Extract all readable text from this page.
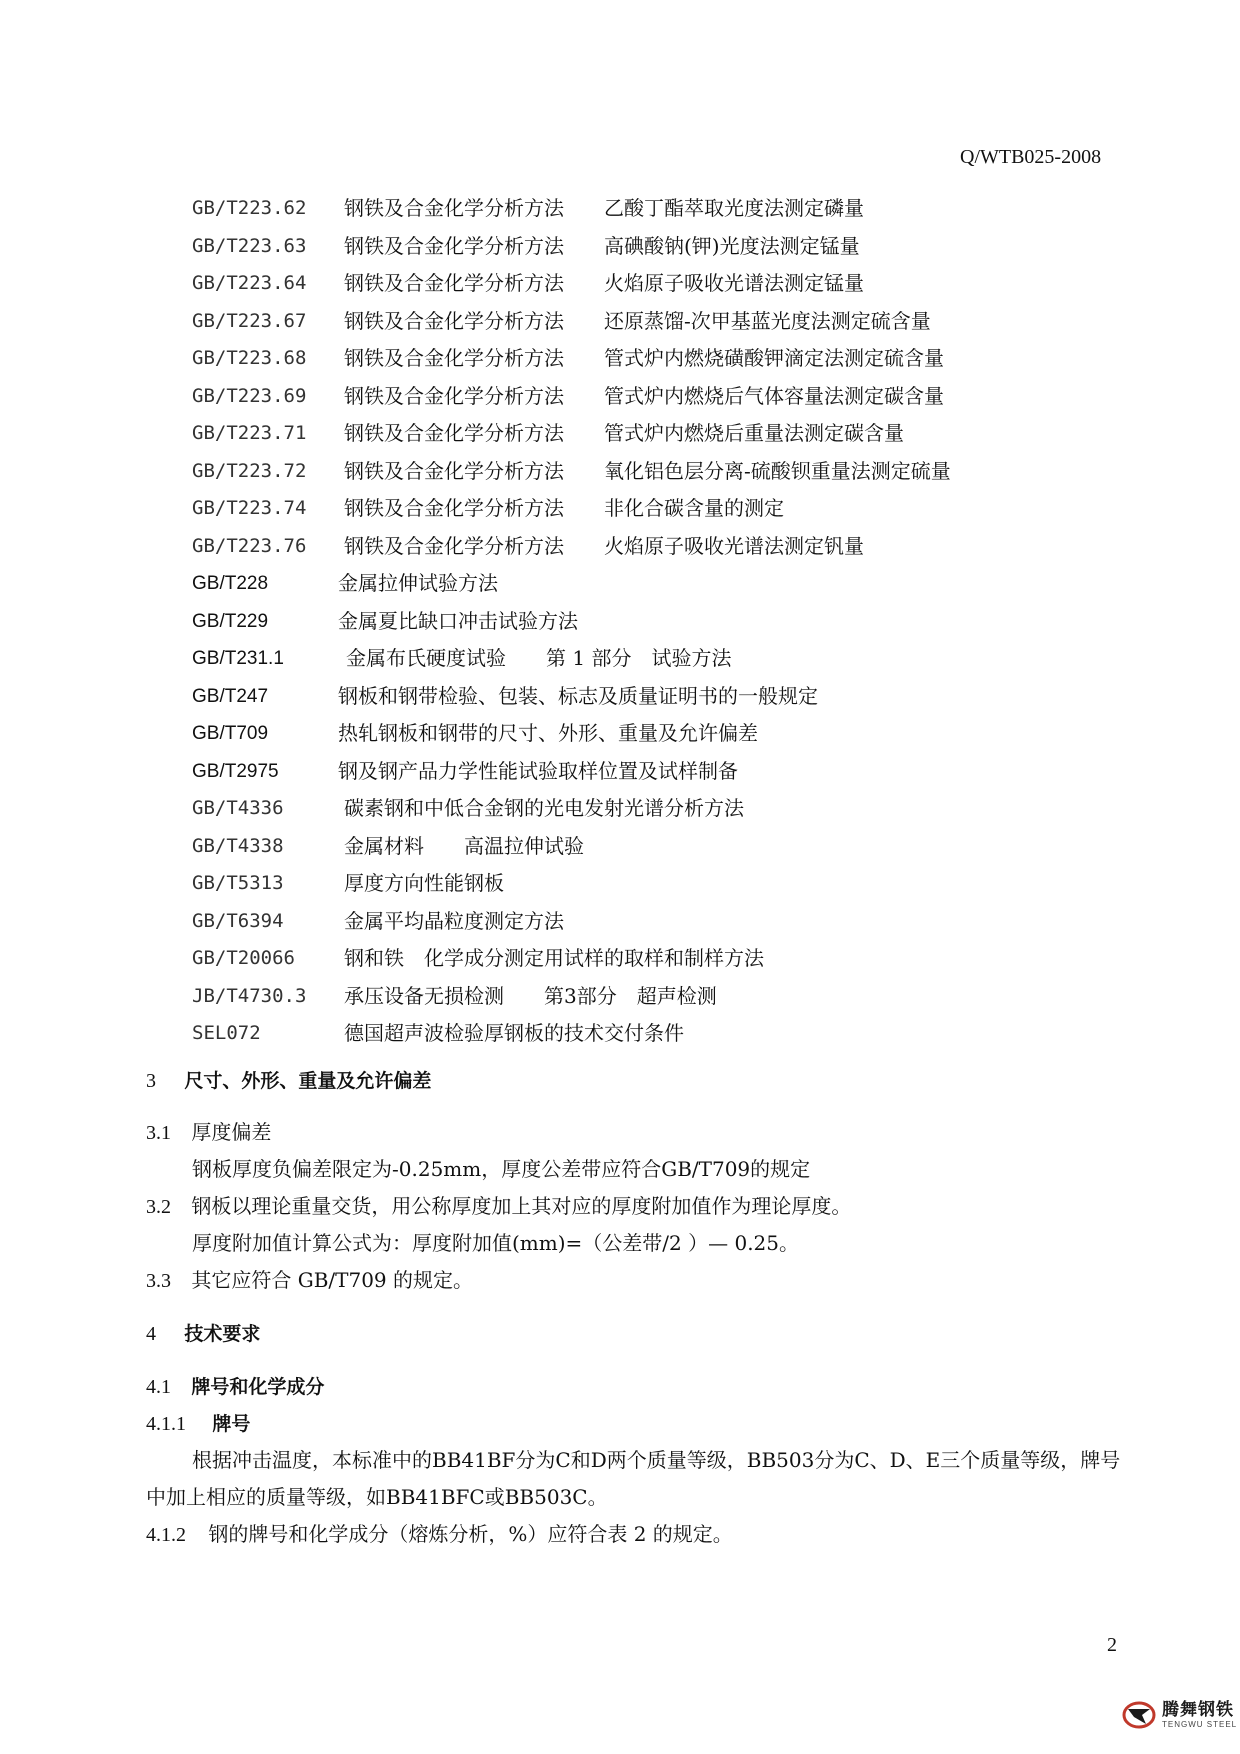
Q/WTB025-2008
GB/T223.62 钢铁及合金化学分析方法 乙酸丁酯萃取光度法测定磷量
GB/T223.63 钢铁及合金化学分析方法 高碘酸钠(钾)光度法测定锰量
GB/T223.64 钢铁及合金化学分析方法 火焰原子吸收光谱法测定锰量
GB/T223.67 钢铁及合金化学分析方法 还原蒸馏-次甲基蓝光度法测定硫含量
GB/T223.68 钢铁及合金化学分析方法 管式炉内燃烧磺酸钾滴定法测定硫含量
GB/T223.69 钢铁及合金化学分析方法 管式炉内燃烧后气体容量法测定碳含量
GB/T223.71 钢铁及合金化学分析方法 管式炉内燃烧后重量法测定碳含量
GB/T223.72 钢铁及合金化学分析方法 氧化铝色层分离-硫酸钡重量法测定硫量
GB/T223.74 钢铁及合金化学分析方法 非化合碳含量的测定
GB/T223.76 钢铁及合金化学分析方法 火焰原子吸收光谱法测定钒量
GB/T228	金属拉伸试验方法
GB/T229	金属夏比缺口冲击试验方法
GB/T231.1	金属布氏硬度试验　　第 1 部分　试验方法
GB/T247	钢板和钢带检验、包装、标志及质量证明书的一般规定
GB/T709	热轧钢板和钢带的尺寸、外形、重量及允许偏差
GB/T2975	钢及钢产品力学性能试验取样位置及试样制备
GB/T4336	碳素钢和中低合金钢的光电发射光谱分析方法
GB/T4338	金属材料　　高温拉伸试验
GB/T5313	厚度方向性能钢板
GB/T6394	金属平均晶粒度测定方法
GB/T20066 钢和铁　化学成分测定用试样的取样和制样方法
JB/T4730.3 承压设备无损检测　　第3部分　超声检测
SEL072	德国超声波检验厚钢板的技术交付条件
3 尺寸、外形、重量及允许偏差
3.1 厚度偏差
钢板厚度负偏差限定为-0.25mm，厚度公差带应符合GB/T709的规定
3.2 钢板以理论重量交货，用公称厚度加上其对应的厚度附加值作为理论厚度。
厚度附加值计算公式为：厚度附加值(mm)=（公差带/2 ）— 0.25。
3.3 其它应符合 GB/T709 的规定。
4 技术要求
4.1 牌号和化学成分
4.1.1 牌号
根据冲击温度，本标准中的BB41BF分为C和D两个质量等级，BB503分为C、D、E三个质量等级，牌号
中加上相应的质量等级，如BB41BFC或BB503C。
4.1.2 钢的牌号和化学成分（熔炼分析，%）应符合表 2 的规定。
2
腾舞钢铁
TENGWU STEEL
